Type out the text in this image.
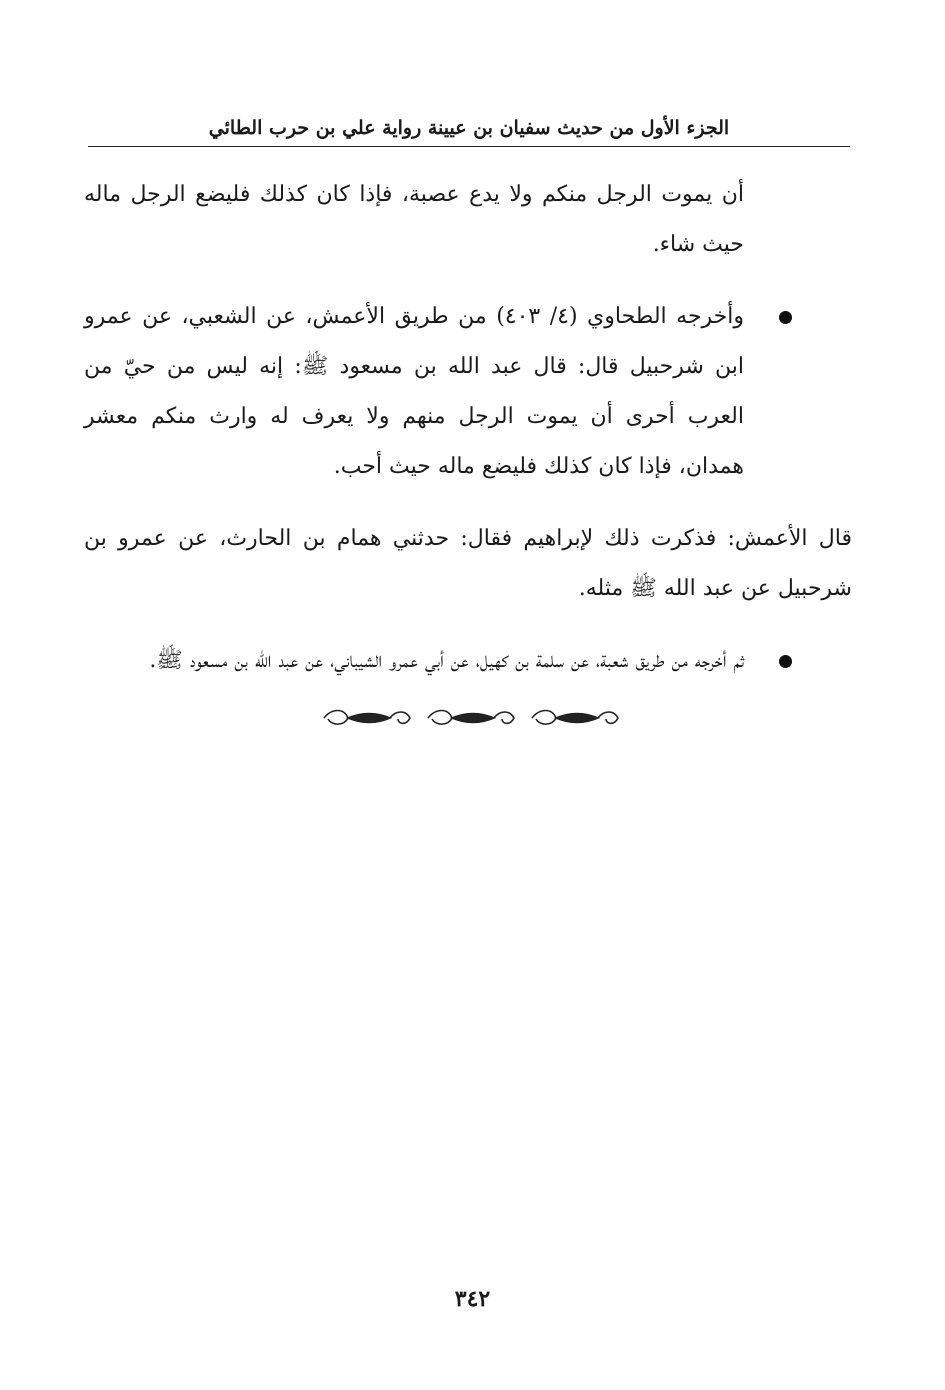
الجزء الأول من حديث سفيان بن عيينة رواية علي بن حرب الطائي

أن يموت الرجل منكم ولا يدع عصبة، فإذا كان كذلك فليضع الرجل ماله حيث شاء.

وأخرجه الطحاوي (٤/ ٤٠٣) من طريق الأعمش، عن الشعبي، عن عمرو ابن شرحبيل قال: قال عبد الله بن مسعود ﷺ: إنه ليس من حيّ من العرب أحرى أن يموت الرجل منهم ولا يعرف له وارث منكم معشر همدان، فإذا كان كذلك فليضع ماله حيث أحب.

قال الأعمش: فذكرت ذلك لإبراهيم فقال: حدثني همام بن الحارث، عن عمرو بن شرحبيل عن عبد الله ﷺ مثله.

ثم أخرجه من طريق شعبة، عن سلمة بن كهيل، عن أبي عمرو الشيباني، عن عبد الله بن مسعود ﷺ.

٣٤٢
